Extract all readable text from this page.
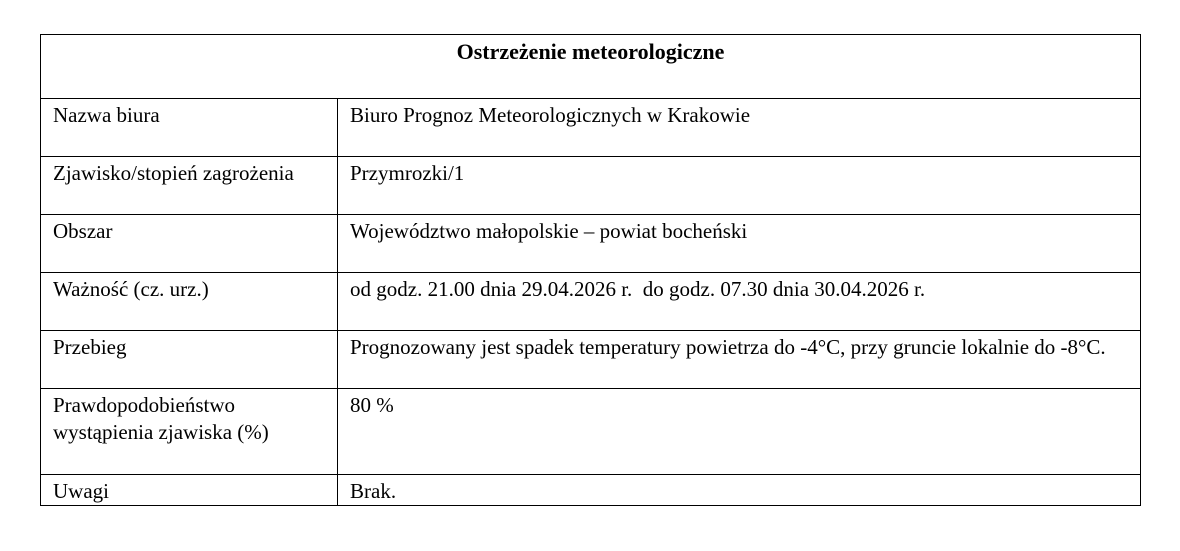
Ostrzeżenie meteorologiczne	
Nazwa biura	Biuro Prognoz Meteorologicznych w Krakowie
Zjawisko/stopień zagrożenia	Przymrozki/1
Obszar	Województwo małopolskie – powiat bocheński
Ważność (cz. urz.)	od godz. 21.00 dnia 29.04.2026 r.  do godz. 07.30 dnia 30.04.2026 r.
Przebieg	Prognozowany jest spadek temperatury powietrza do -4°C, przy gruncie lokalnie do -8°C.
Prawdopodobieństwo wystąpienia zjawiska (%)	80 %
Uwagi	Brak.
